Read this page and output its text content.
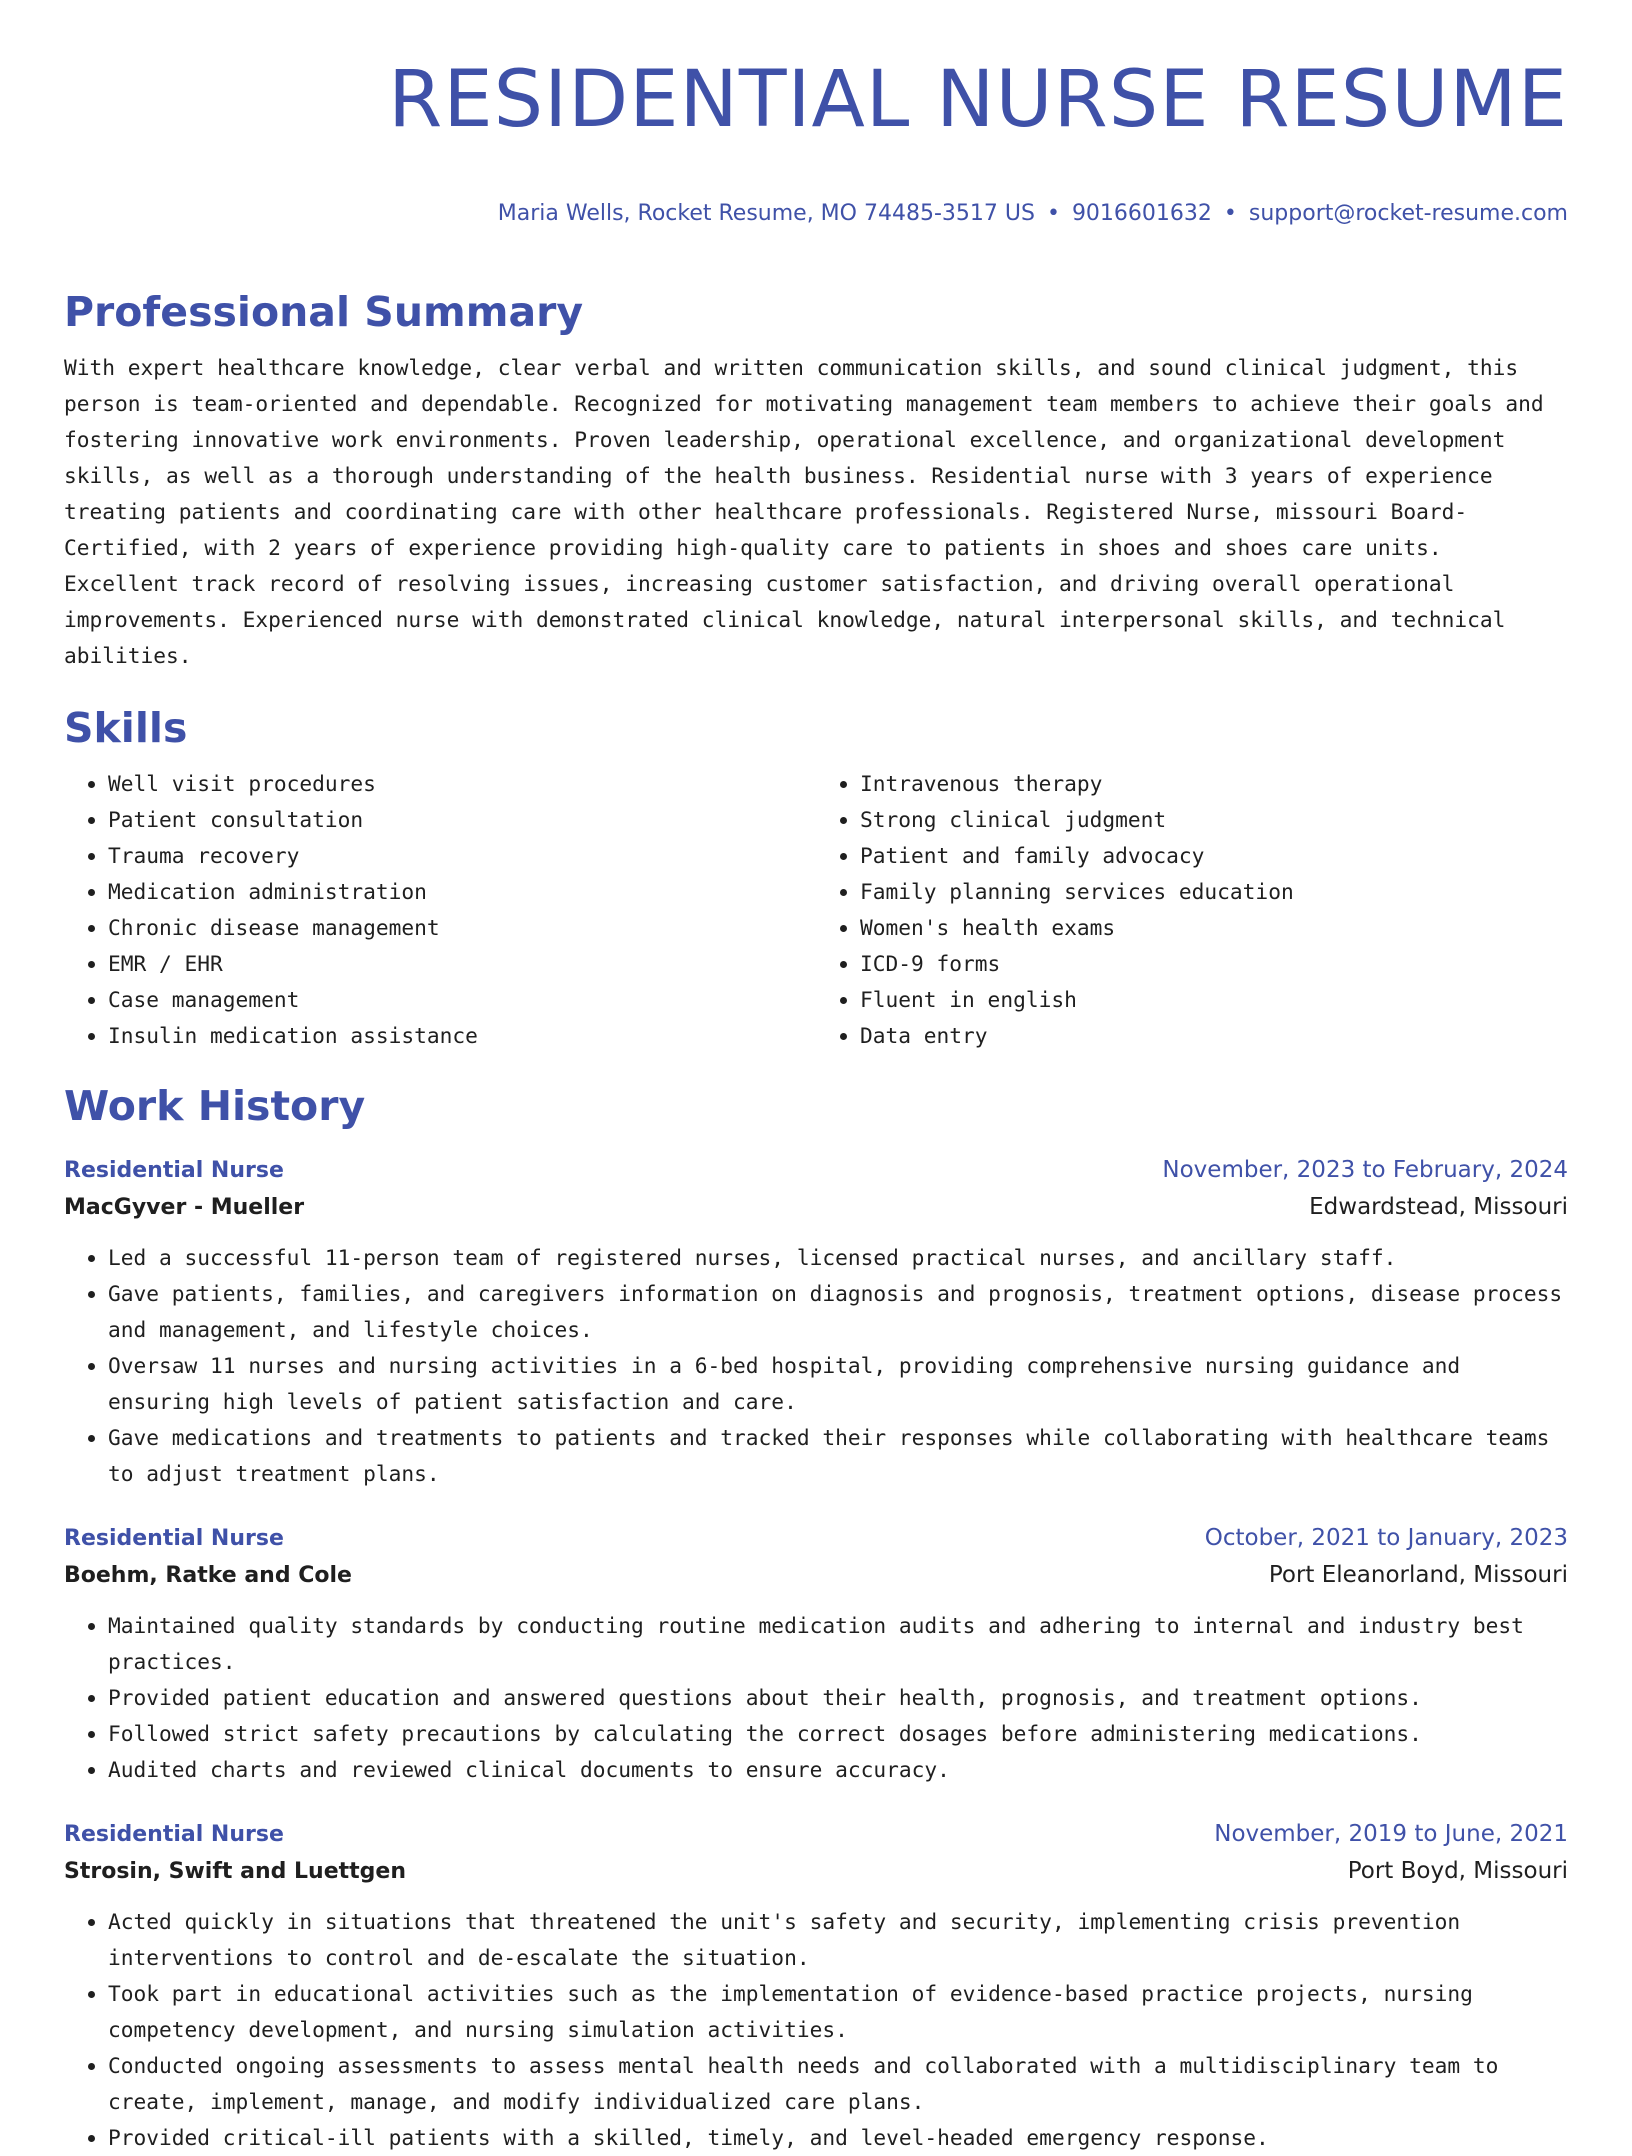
RESIDENTIAL NURSE RESUME
Maria Wells, Rocket Resume, MO 74485-3517 US • 9016601632 • support@rocket-resume.com
Professional Summary

With expert healthcare knowledge, clear verbal and written communication skills, and sound clinical judgment, this person is team-oriented and dependable. Recognized for motivating management team members to achieve their goals and fostering innovative work environments. Proven leadership, operational excellence, and organizational development skills, as well as a thorough understanding of the health business. Residential nurse with 3 years of experience treating patients and coordinating care with other healthcare professionals. Registered Nurse, missouri Board-Certified, with 2 years of experience providing high-quality care to patients in shoes and shoes care units. Excellent track record of resolving issues, increasing customer satisfaction, and driving overall operational improvements. Experienced nurse with demonstrated clinical knowledge, natural interpersonal skills, and technical abilities.

Skills
• Well visit procedures
• Patient consultation
• Trauma recovery
• Medication administration
• Chronic disease management
• EMR / EHR
• Case management
• Insulin medication assistance
• Intravenous therapy
• Strong clinical judgment
• Patient and family advocacy
• Family planning services education
• Women's health exams
• ICD-9 forms
• Fluent in english
• Data entry
Work History
Residential Nurse	November, 2023 to February, 2024
MacGyver - Mueller	Edwardstead, Missouri
• Led a successful 11-person team of registered nurses, licensed practical nurses, and ancillary staff.
• Gave patients, families, and caregivers information on diagnosis and prognosis, treatment options, disease process and management, and lifestyle choices.
• Oversaw 11 nurses and nursing activities in a 6-bed hospital, providing comprehensive nursing guidance and ensuring high levels of patient satisfaction and care.
• Gave medications and treatments to patients and tracked their responses while collaborating with healthcare teams to adjust treatment plans.
Residential Nurse	October, 2021 to January, 2023
Boehm, Ratke and Cole	Port Eleanorland, Missouri
• Maintained quality standards by conducting routine medication audits and adhering to internal and industry best practices.
• Provided patient education and answered questions about their health, prognosis, and treatment options.
• Followed strict safety precautions by calculating the correct dosages before administering medications.
• Audited charts and reviewed clinical documents to ensure accuracy.
Residential Nurse	November, 2019 to June, 2021
Strosin, Swift and Luettgen	Port Boyd, Missouri
• Acted quickly in situations that threatened the unit's safety and security, implementing crisis prevention interventions to control and de-escalate the situation.
• Took part in educational activities such as the implementation of evidence-based practice projects, nursing competency development, and nursing simulation activities.
• Conducted ongoing assessments to assess mental health needs and collaborated with a multidisciplinary team to create, implement, manage, and modify individualized care plans.
• Provided critical-ill patients with a skilled, timely, and level-headed emergency response.
